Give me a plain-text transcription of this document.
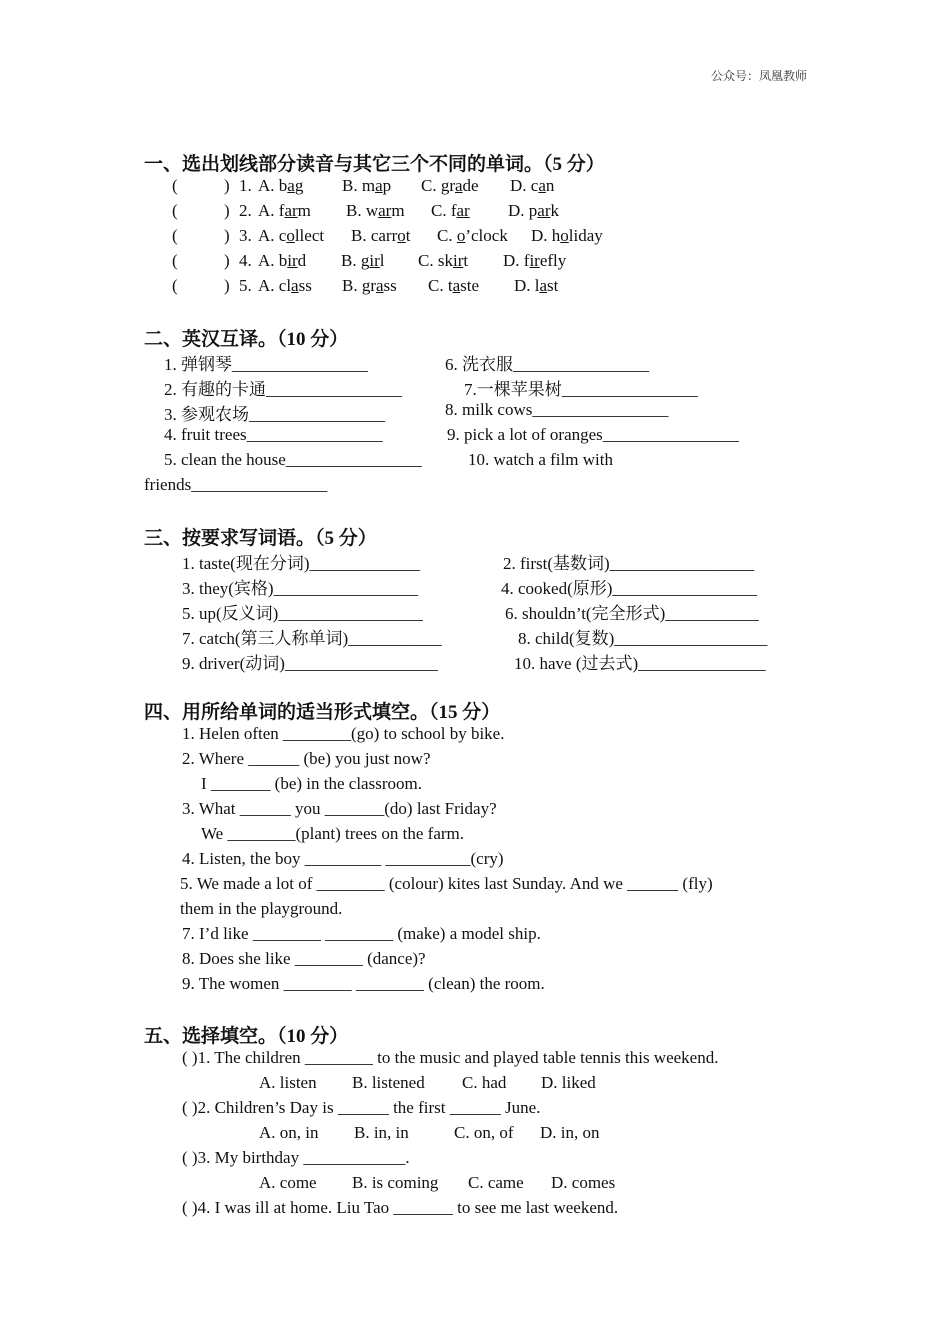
公众号：凤凰教师
一、选出划线部分读音与其它三个不同的单词。（5 分）
(	) 1. A. bag B. map C. grade D. can
(	) 2. A. farm B. warm C. far D. park
(	) 3. A. collect B. carrot C. o’clock D. holiday
(	) 4. A. bird B. girl C. skirt D. firefly
(	) 5. A. class B. grass C. taste D. last
二、英汉互译。（10 分）
1. 弹钢琴________________	6. 洗衣服________________
2. 有趣的卡通________________	7.一棵苹果树________________
3. 参观农场________________	8. milk cows________________
4. fruit trees________________	9. pick a lot of oranges________________
5. clean the house________________	10. watch a film with
friends________________
三、按要求写词语。（5 分）
1. taste(现在分词)_____________	2. first(基数词)_________________
3. they(宾格)_________________	4. cooked(原形)_________________
5. up(反义词)_________________	6. shouldn’t(完全形式)___________
7. catch(第三人称单词)___________	8. child(复数)__________________
9. driver(动词)__________________	10. have (过去式)_______________
四、用所给单词的适当形式填空。（15 分）
1. Helen often ________(go) to school by bike.
2. Where ______ (be) you just now?
I _______ (be) in the classroom.
3. What ______ you _______(do) last Friday?
We ________(plant) trees on the farm.
4. Listen, the boy _________ __________(cry)
5. We made a lot of ________ (colour) kites last Sunday. And we ______ (fly)
them in the playground.
7. I’d like ________ ________ (make) a model ship.
8. Does she like ________ (dance)?
9. The women ________ ________ (clean) the room.
五、选择填空。（10 分）
( )1. The children ________ to the music and played table tennis this weekend.
A. listen B. listened C. had D. liked
( )2. Children’s Day is ______ the first ______ June.
A. on, in B. in, in	C. on, of D. in, on
( )3. My birthday ____________.
A. come B. is coming C. came D. comes
( )4. I was ill at home. Liu Tao _______ to see me last weekend.
